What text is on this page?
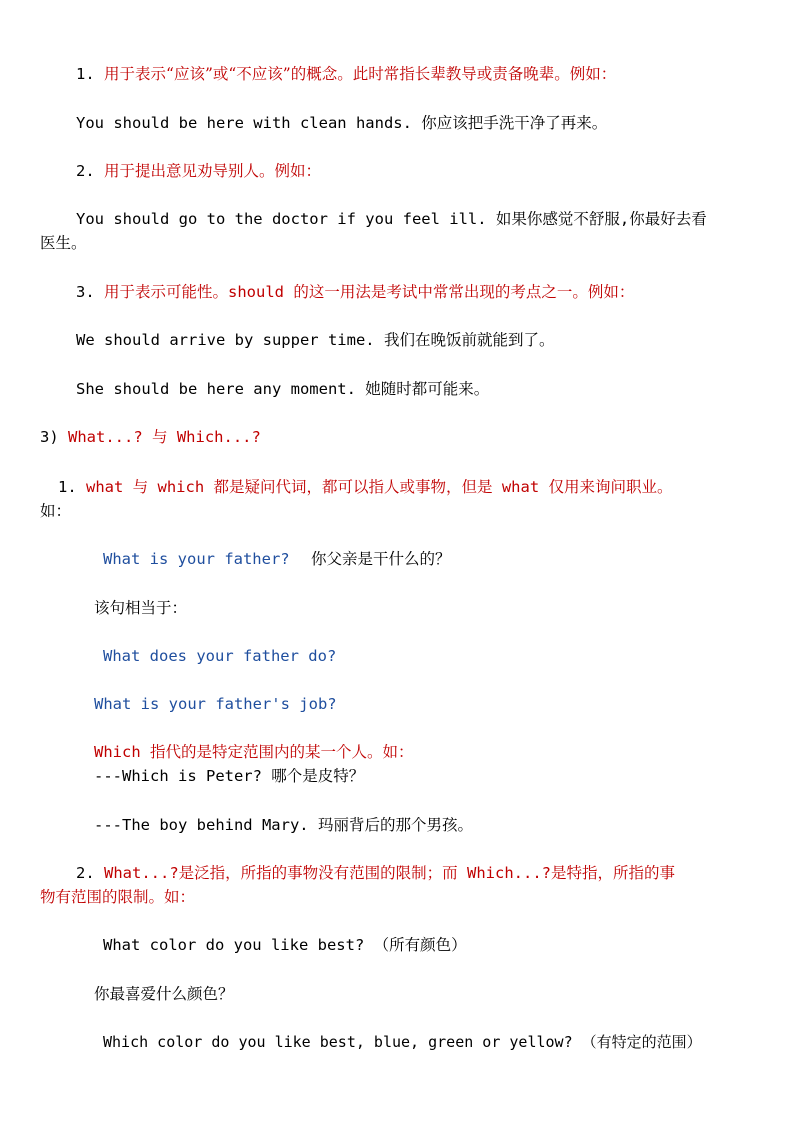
1. 用于表示“应该”或“不应该”的概念。此时常指长辈教导或责备晚辈。例如：
You should be here with clean hands. 你应该把手洗干净了再来。
2. 用于提出意见劝导别人。例如：
You should go to the doctor if you feel ill. 如果你感觉不舒服,你最好去看
医生。
3. 用于表示可能性。should 的这一用法是考试中常常出现的考点之一。例如：
We should arrive by supper time. 我们在晚饭前就能到了。
She should be here any moment. 她随时都可能来。
3) What...? 与 Which...?
1. what 与 which 都是疑问代词，都可以指人或事物，但是 what 仅用来询问职业。
如：
What is your father? 你父亲是干什么的？
该句相当于：
What does your father do?
What is your father's job?
Which 指代的是特定范围内的某一个人。如：
---Which is Peter? 哪个是皮特？
---The boy behind Mary. 玛丽背后的那个男孩。
2. What...?是泛指，所指的事物没有范围的限制；而 Which...?是特指，所指的事
物有范围的限制。如：
What color do you like best? （所有颜色）
你最喜爱什么颜色？
Which color do you like best, blue, green or yellow? （有特定的范围）
